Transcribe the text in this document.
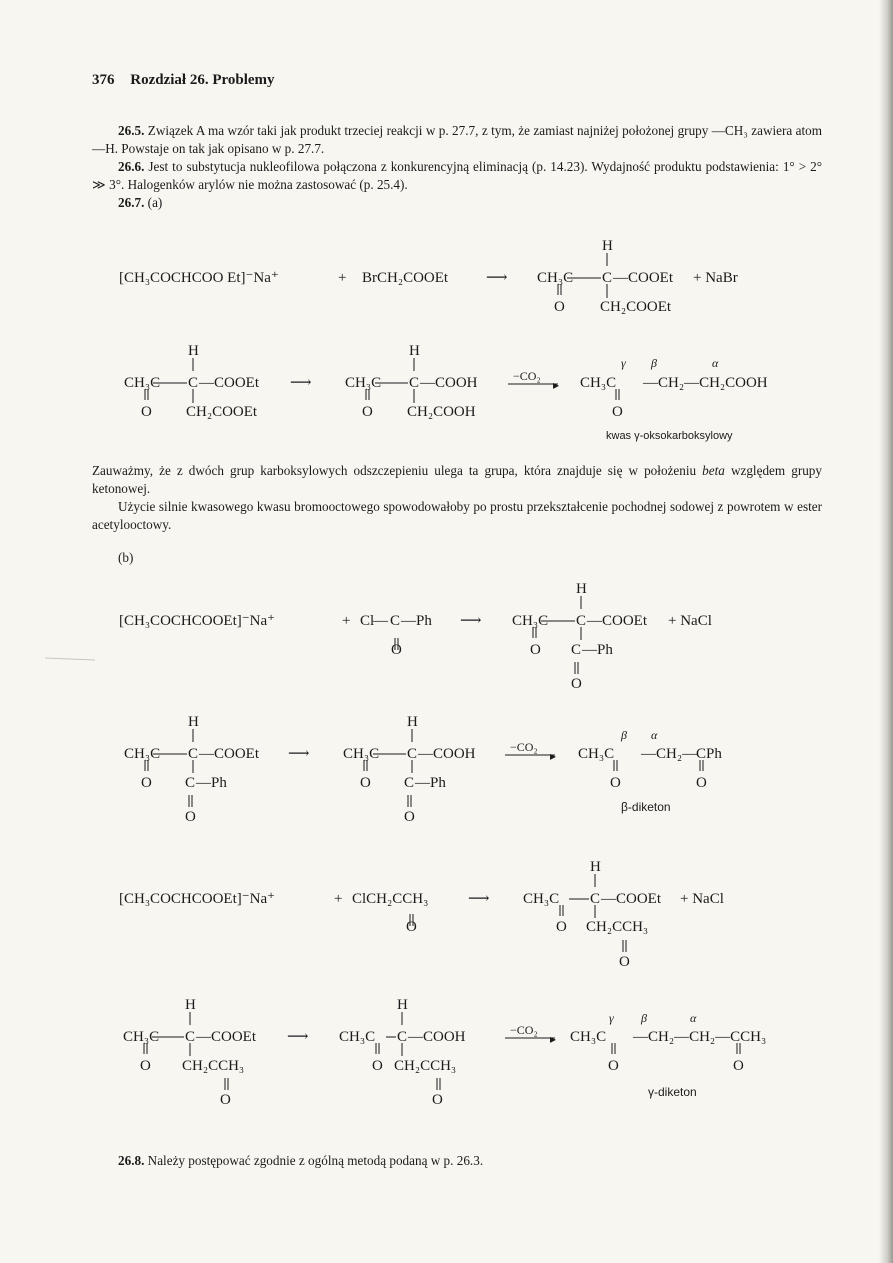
376 Rozdział 26. Problemy
26.5. Związek A ma wzór taki jak produkt trzeciej reakcji w p. 27.7, z tym, że zamiast najniżej położonej grupy —CH₃ zawiera atom —H. Powstaje on tak jak opisano w p. 27.7.
26.6. Jest to substytucja nukleofilowa połączona z konkurencyjną eliminacją (p. 14.23). Wydajność produktu podstawienia: 1° > 2° ≫ 3°. Halogenków arylów nie można zastosować (p. 25.4).
26.7. (a)
Zauważmy, że z dwóch grup karboksylowych odszczepieniu ulega ta grupa, która znajduje się w położeniu beta względem grupy ketonowej.
Użycie silnie kwasowego kwasu bromooctowego spowodowałoby po prostu przekształcenie pochodnej sodowej z powrotem w ester acetylooctowy.
(b)
26.8. Należy postępować zgodnie z ogólną metodą podaną w p. 26.3.
[CH₃COCHCOO Et]⁻Na⁺	+ BrCH₂COOEt	⟶
H
CH₃C C —COOEt + NaBr
O CH₂COOEt
H
CH₃C C —COOEt
O CH₂COOEt
⟶
H
CH₃C C —COOH
O CH₂COOH
−CO₂
▸
γ β	α
CH₃C —CH₂—CH₂COOH
O
kwas γ-oksokarboksylowy
[CH₃COCHCOOEt]⁻Na⁺	+ Cl
— C —Ph
O
⟶
H
CH₃C C —COOEt + NaCl
O C —Ph
O
H
CH₃C C —COOEt
O C —Ph
O
⟶
H
CH₃C C —COOH
O C —Ph
O
−CO₂
▸
β α
CH₃C —CH₂—
CPh
O	O
β-diketon
[CH₃COCHCOOEt]⁻Na⁺	+ ClCH₂CCH₃
O
⟶
H
CH₃C C —COOEt + NaCl
O CH₂CCH₃
O
H
CH₃C C —COOEt
O CH₂CCH₃
O
⟶
H
CH₃C C —COOH
O CH₂CCH₃
O
−CO₂
▸
γ β	α
CH₃C —CH₂—CH₂—CCH₃
O	O
γ-diketon
